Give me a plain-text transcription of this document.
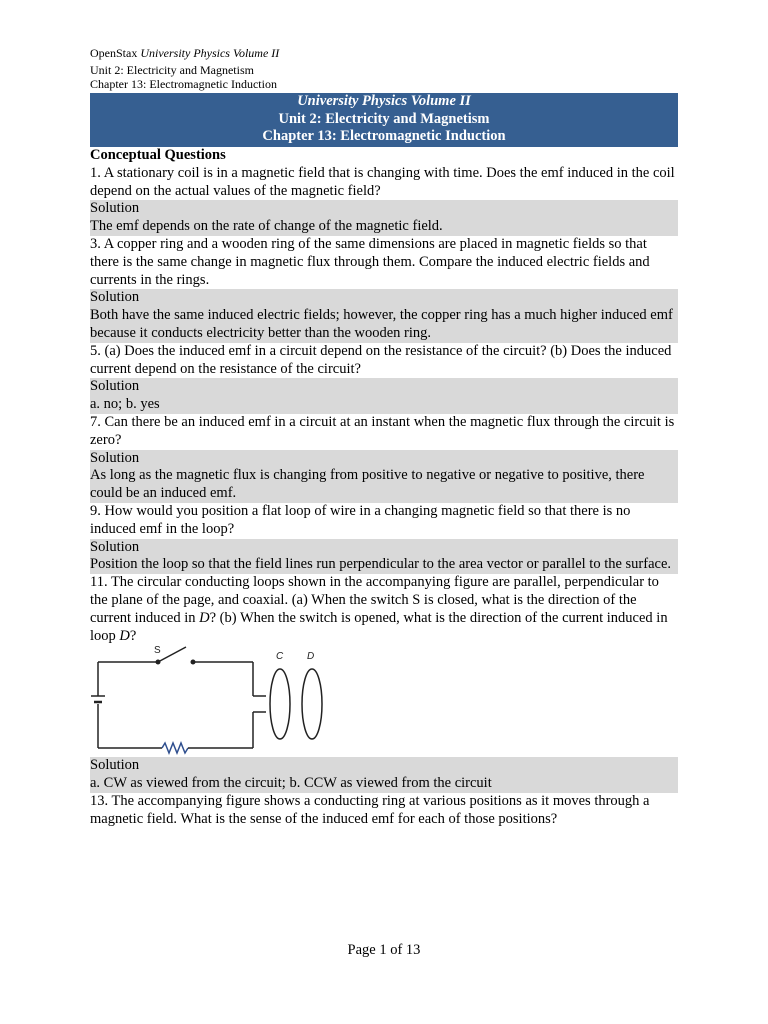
OpenStax University Physics Volume II
Unit 2: Electricity and Magnetism
Chapter 13: Electromagnetic Induction
University Physics Volume II
Unit 2: Electricity and Magnetism
Chapter 13: Electromagnetic Induction
Conceptual Questions
1. A stationary coil is in a magnetic field that is changing with time. Does the emf induced in the coil depend on the actual values of the magnetic field?
Solution
The emf depends on the rate of change of the magnetic field.
3. A copper ring and a wooden ring of the same dimensions are placed in magnetic fields so that there is the same change in magnetic flux through them. Compare the induced electric fields and currents in the rings.
Solution
Both have the same induced electric fields; however, the copper ring has a much higher induced emf because it conducts electricity better than the wooden ring.
5. (a) Does the induced emf in a circuit depend on the resistance of the circuit? (b) Does the induced current depend on the resistance of the circuit?
Solution
a. no; b. yes
7. Can there be an induced emf in a circuit at an instant when the magnetic flux through the circuit is zero?
Solution
As long as the magnetic flux is changing from positive to negative or negative to positive, there could be an induced emf.
9. How would you position a flat loop of wire in a changing magnetic field so that there is no induced emf in the loop?
Solution
Position the loop so that the field lines run perpendicular to the area vector or parallel to the surface.
11. The circular conducting loops shown in the accompanying figure are parallel, perpendicular to the plane of the page, and coaxial. (a) When the switch S is closed, what is the direction of the current induced in D? (b) When the switch is opened, what is the direction of the current induced in loop D?
S
C D
Solution
a. CW as viewed from the circuit; b. CCW as viewed from the circuit
13. The accompanying figure shows a conducting ring at various positions as it moves through a magnetic field. What is the sense of the induced emf for each of those positions?
Page 1 of 13
